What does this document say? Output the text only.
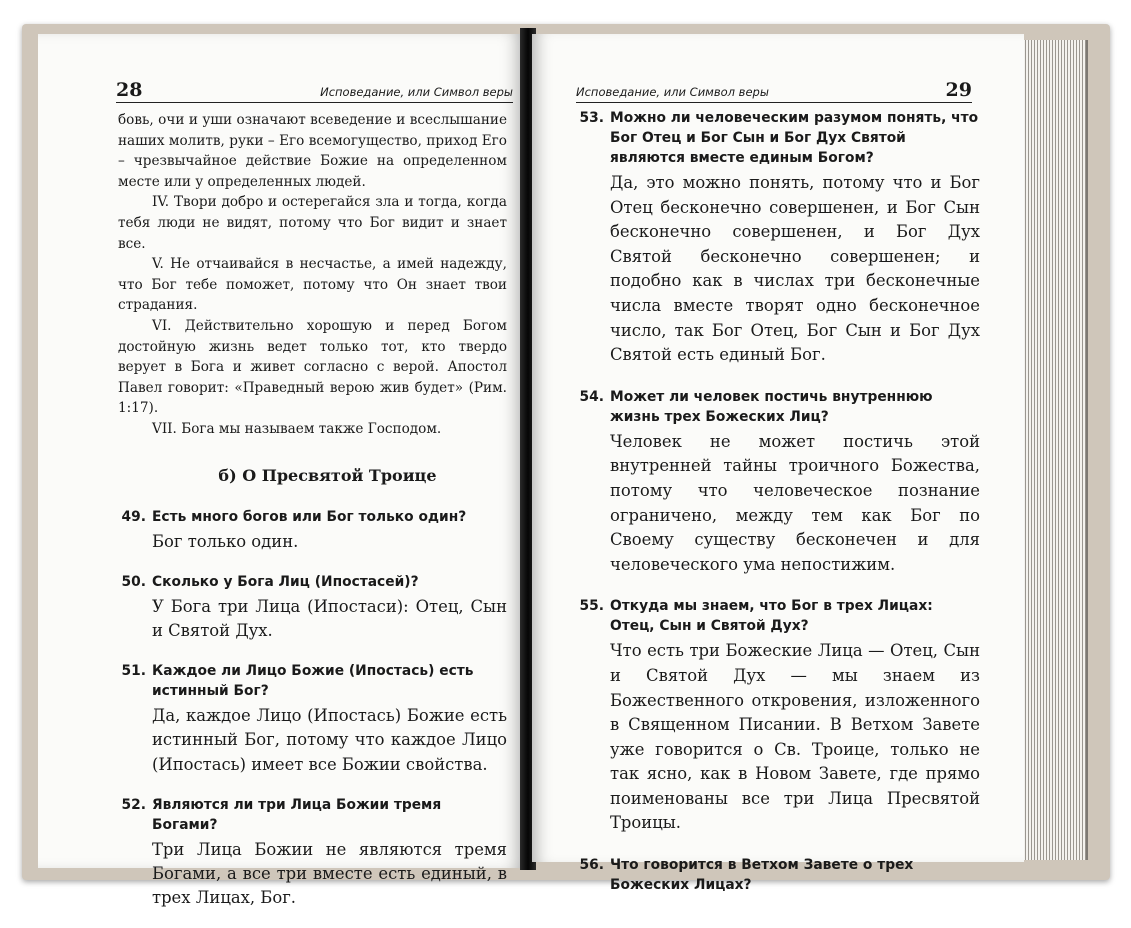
28	Исповедание, или Символ веры

бовь, очи и уши означают всеведение и всеслышание наших молитв, руки – Его всемогущество, приход Его – чрезвычайное действие Божие на определенном месте или у определенных людей.

IV. Твори добро и остерегайся зла и тогда, когда тебя люди не видят, потому что Бог видит и знает все.

V. Не отчаивайся в несчастье, а имей надежду, что Бог тебе поможет, потому что Он знает твои страдания.

VI. Действительно хорошую и перед Богом достойную жизнь ведет только тот, кто твердо верует в Бога и живет согласно с верой. Апостол Павел говорит: «Праведный верою жив будет» (Рим. 1:17).

VII. Бога мы называем также Господом.

б) О Пресвятой Троице
49. Есть много богов или Бог только один?
Бог только один.
50. Сколько у Бога Лиц (Ипостасей)?
У Бога три Лица (Ипостаси): Отец, Сын и Святой Дух.
51. Каждое ли Лицо Божие (Ипостась) есть истинный Бог?
Да, каждое Лицо (Ипостась) Божие есть истинный Бог, потому что каждое Лицо (Ипостась) имеет все Божии свойства.
52. Являются ли три Лица Божии тремя Богами?
Три Лица Божии не являются тремя Богами, а все три вместе есть единый, в трех Лицах, Бог.
Исповедание, или Символ веры	29
53. Можно ли человеческим разумом понять, что Бог Отец и Бог Сын и Бог Дух Святой являются вместе единым Богом?
Да, это можно понять, потому что и Бог Отец бесконечно совершенен, и Бог Сын бесконечно совершенен, и Бог Дух Святой бесконечно совершенен; и подобно как в числах три бесконечные числа вместе творят одно бесконечное число, так Бог Отец, Бог Сын и Бог Дух Святой есть единый Бог.
54. Может ли человек постичь внутреннюю жизнь трех Божеских Лиц?
Человек не может постичь этой внутренней тайны троичного Божества, потому что человеческое познание ограничено, между тем как Бог по Своему существу бесконечен и для человеческого ума непостижим.
55. Откуда мы знаем, что Бог в трех Лицах: Отец, Сын и Святой Дух?
Что есть три Божеские Лица — Отец, Сын и Святой Дух — мы знаем из Божественного откровения, изложенного в Священном Писании. В Ветхом Завете уже говорится о Св. Троице, только не так ясно, как в Новом Завете, где прямо поименованы все три Лица Пресвятой Троицы.
56. Что говорится в Ветхом Завете о трех Божеских Лицах?
